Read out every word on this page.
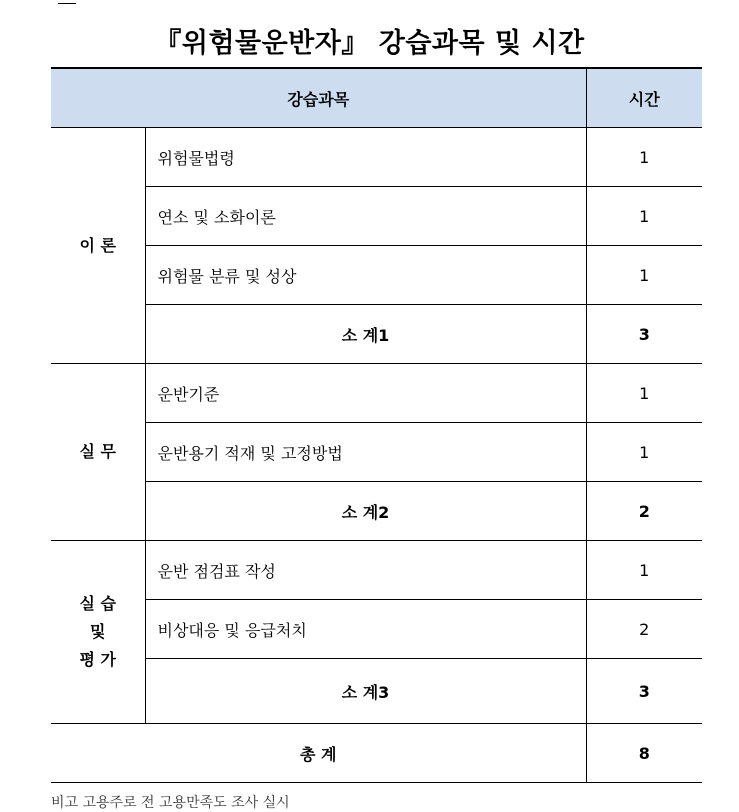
『위험물운반자』 강습과목 및 시간
강습과목		시간

이 론	위험물법령	1
	연소 및 소화이론	1
	위험물 분류 및 성상	1
	소 계1	3

실 무	운반기준	1
	운반용기 적재 및 고정방법	1
	소 계2	2

실 습
및
평 가	운반 점검표 작성	1
	비상대응 및 응급처치	2
	소 계3	3
총 계		8
비고 고용주로 전 고용만족도 조사 실시
